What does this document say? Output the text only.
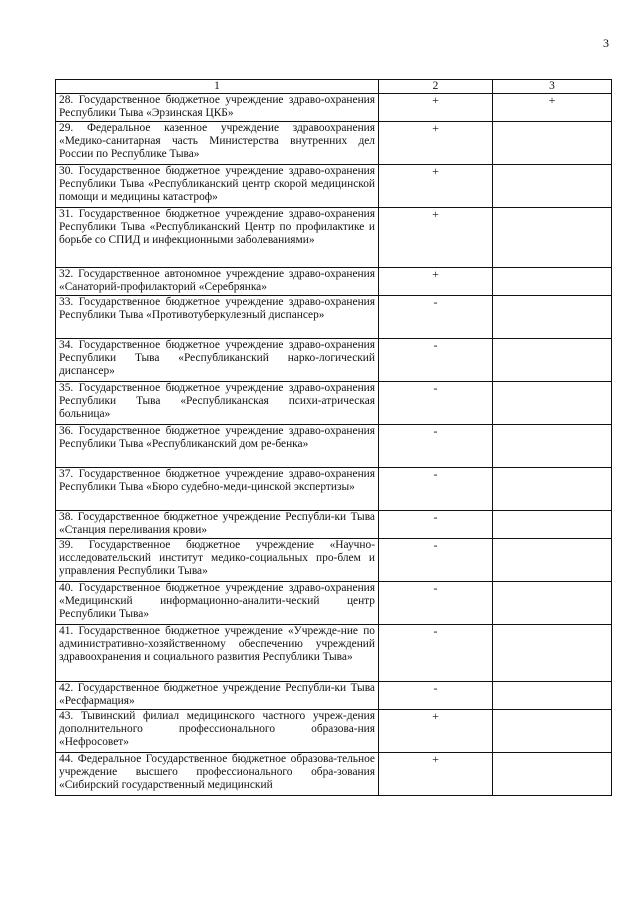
3
1	2	3
28. Государственное бюджетное учреждение здраво-охранения Республики Тыва «Эрзинская ЦКБ»	+	+
29. Федеральное казенное учреждение здравоохранения «Медико-санитарная часть Министерства внутренних дел России по Республике Тыва»	+	
30. Государственное бюджетное учреждение здраво-охранения Республики Тыва «Республиканский центр скорой медицинской помощи и медицины катастроф»	+	
31. Государственное бюджетное учреждение здраво-охранения Республики Тыва «Республиканский Центр по профилактике и борьбе со СПИД и инфекционными заболеваниями»	+	
32. Государственное автономное учреждение здраво-охранения «Санаторий-профилакторий «Серебрянка»	+	
33. Государственное бюджетное учреждение здраво-охранения Республики Тыва «Противотуберкулезный диспансер»	-	
34. Государственное бюджетное учреждение здраво-охранения Республики Тыва «Республиканский нарко-логический диспансер»	-	
35. Государственное бюджетное учреждение здраво-охранения Республики Тыва «Республиканская психи-атрическая больница»	-	
36. Государственное бюджетное учреждение здраво-охранения Республики Тыва «Республиканский дом ре-бенка»	-	
37. Государственное бюджетное учреждение здраво-охранения Республики Тыва «Бюро судебно-меди-цинской экспертизы»	-	
38. Государственное бюджетное учреждение Республи-ки Тыва «Станция переливания крови»	-	
39. Государственное бюджетное учреждение «Научно-исследовательский институт медико-социальных про-блем и управления Республики Тыва»	-	
40. Государственное бюджетное учреждение здраво-охранения «Медицинский информационно-аналити-ческий центр Республики Тыва»	-	
41. Государственное бюджетное учреждение «Учрежде-ние по административно-хозяйственному обеспечению учреждений здравоохранения и социального развития Республики Тыва»	-	
42. Государственное бюджетное учреждение Республи-ки Тыва «Ресфармация»	-	
43. Тывинский филиал медицинского частного учреж-дения дополнительного профессионального образова-ния «Нефросовет»	+	
44. Федеральное Государственное бюджетное образова-тельное учреждение высшего профессионального обра-зования «Сибирский государственный медицинский	+	
